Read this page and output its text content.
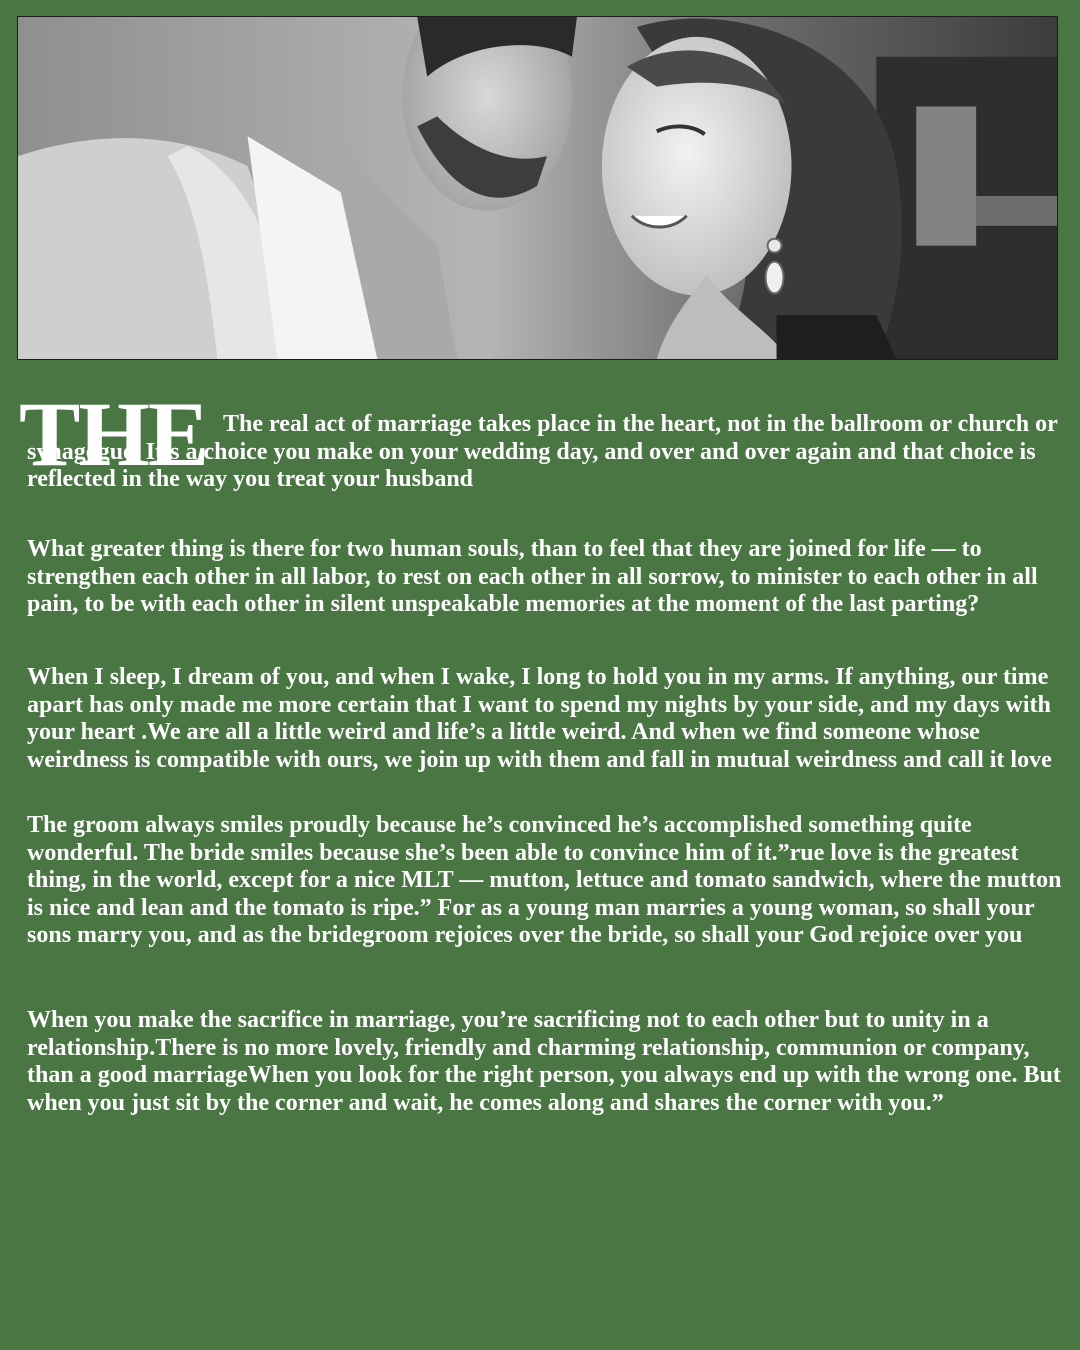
THE The real act of marriage takes place in the heart, not in the ballroom or church or synagogue. It’s a choice you make on your wedding day, and over and over again and that choice is reflected in the way you treat your husband

What greater thing is there for two human souls, than to feel that they are joined for life — to strengthen each other in all labor, to rest on each other in all sorrow, to minister to each other in all pain, to be with each other in silent unspeakable memories at the moment of the last parting?

When I sleep, I dream of you, and when I wake, I long to hold you in my arms. If anything, our time apart has only made me more certain that I want to spend my nights by your side, and my days with your heart .We are all a little weird and life’s a little weird. And when we find someone whose weirdness is compatible with ours, we join up with them and fall in mutual weirdness and call it love

The groom always smiles proudly because he’s convinced he’s accomplished something quite wonderful. The bride smiles because she’s been able to convince him of it.”rue love is the greatest thing, in the world, except for a nice MLT — mutton, lettuce and tomato sandwich, where the mutton is nice and lean and the tomato is ripe.” For as a young man marries a young woman, so shall your sons marry you, and as the bridegroom rejoices over the bride, so shall your God rejoice over you

When you make the sacrifice in marriage, you’re sacrificing not to each other but to unity in a relationship.There is no more lovely, friendly and charming relationship, communion or company, than a good marriageWhen you look for the right person, you always end up with the wrong one. But when you just sit by the corner and wait, he comes along and shares the corner with you.”
